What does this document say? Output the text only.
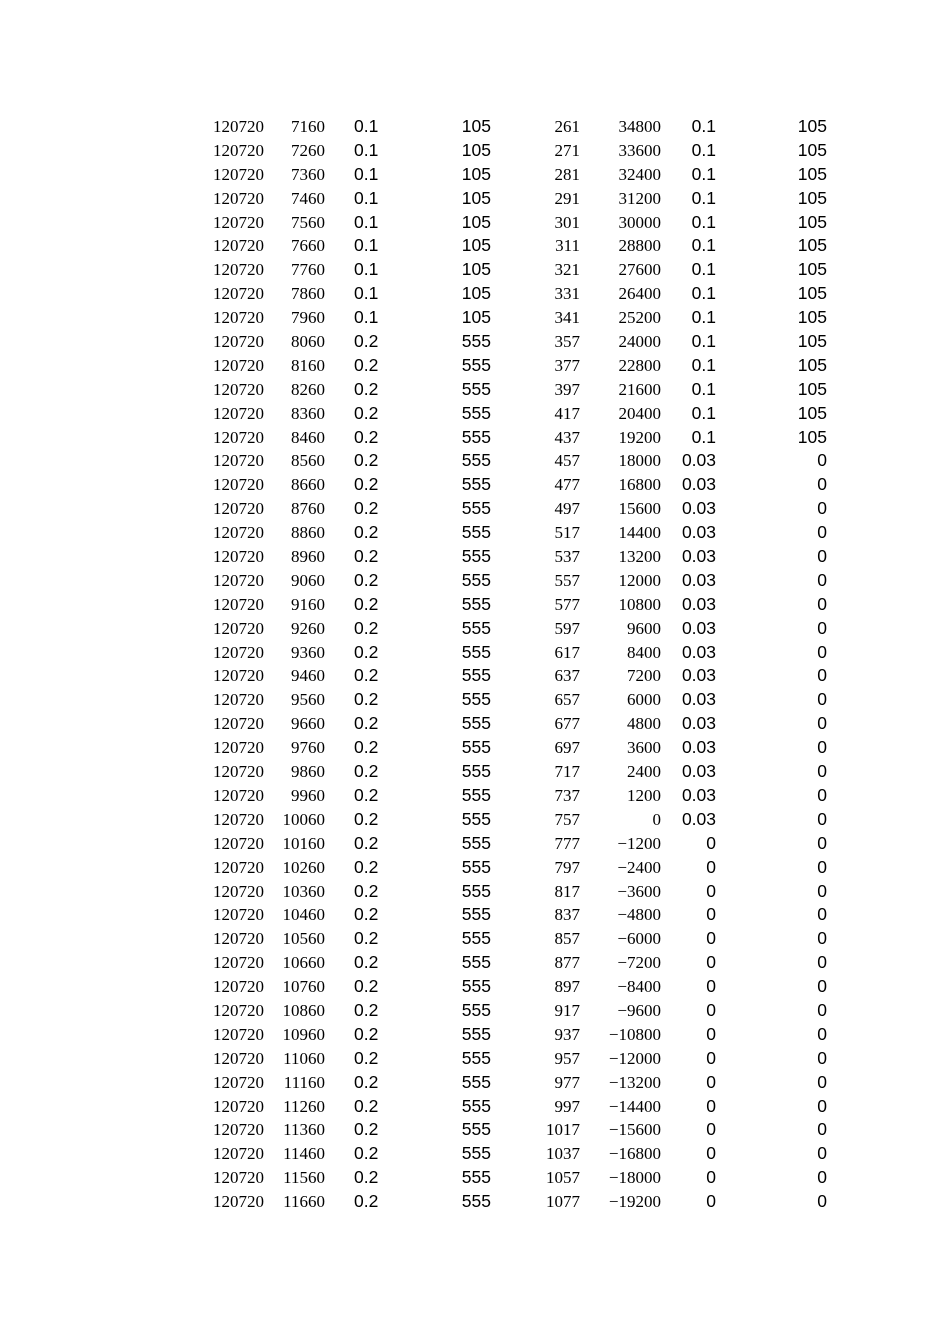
120720 7160 0.1	105	261 34800 0.1	105
120720 7260 0.1	105	271 33600 0.1	105
120720 7360 0.1	105	281 32400 0.1	105
120720 7460 0.1	105	291 31200 0.1	105
120720 7560 0.1	105	301 30000 0.1	105
120720 7660 0.1	105	311 28800 0.1	105
120720 7760 0.1	105	321 27600 0.1	105
120720 7860 0.1	105	331 26400 0.1	105
120720 7960 0.1	105	341 25200 0.1	105
120720 8060 0.2	555	357 24000 0.1	105
120720 8160 0.2	555	377 22800 0.1	105
120720 8260 0.2	555	397 21600 0.1	105
120720 8360 0.2	555	417 20400 0.1	105
120720 8460 0.2	555	437 19200 0.1	105
120720 8560 0.2	555	457 18000 0.03	0
120720 8660 0.2	555	477 16800 0.03	0
120720 8760 0.2	555	497 15600 0.03	0
120720 8860 0.2	555	517 14400 0.03	0
120720 8960 0.2	555	537 13200 0.03	0
120720 9060 0.2	555	557 12000 0.03	0
120720 9160 0.2	555	577 10800 0.03	0
120720 9260 0.2	555	597	9600 0.03	0
120720 9360 0.2	555	617	8400 0.03	0
120720 9460 0.2	555	637	7200 0.03	0
120720 9560 0.2	555	657	6000 0.03	0
120720 9660 0.2	555	677	4800 0.03	0
120720 9760 0.2	555	697	3600 0.03	0
120720 9860 0.2	555	717	2400 0.03	0
120720 9960 0.2	555	737	1200 0.03	0
120720 10060 0.2	555	757	0 0.03	0
120720 10160 0.2	555	777 −1200	0	0
120720 10260 0.2	555	797 −2400	0	0
120720 10360 0.2	555	817 −3600	0	0
120720 10460 0.2	555	837 −4800	0	0
120720 10560 0.2	555	857 −6000	0	0
120720 10660 0.2	555	877 −7200	0	0
120720 10760 0.2	555	897 −8400	0	0
120720 10860 0.2	555	917 −9600	0	0
120720 10960 0.2	555	937 −10800	0	0
120720 11060 0.2	555	957 −12000	0	0
120720 11160 0.2	555	977 −13200	0	0
120720 11260 0.2	555	997 −14400	0	0
120720 11360 0.2	555	1017 −15600	0	0
120720 11460 0.2	555	1037 −16800	0	0
120720 11560 0.2	555	1057 −18000	0	0
120720 11660 0.2	555	1077 −19200	0	0
